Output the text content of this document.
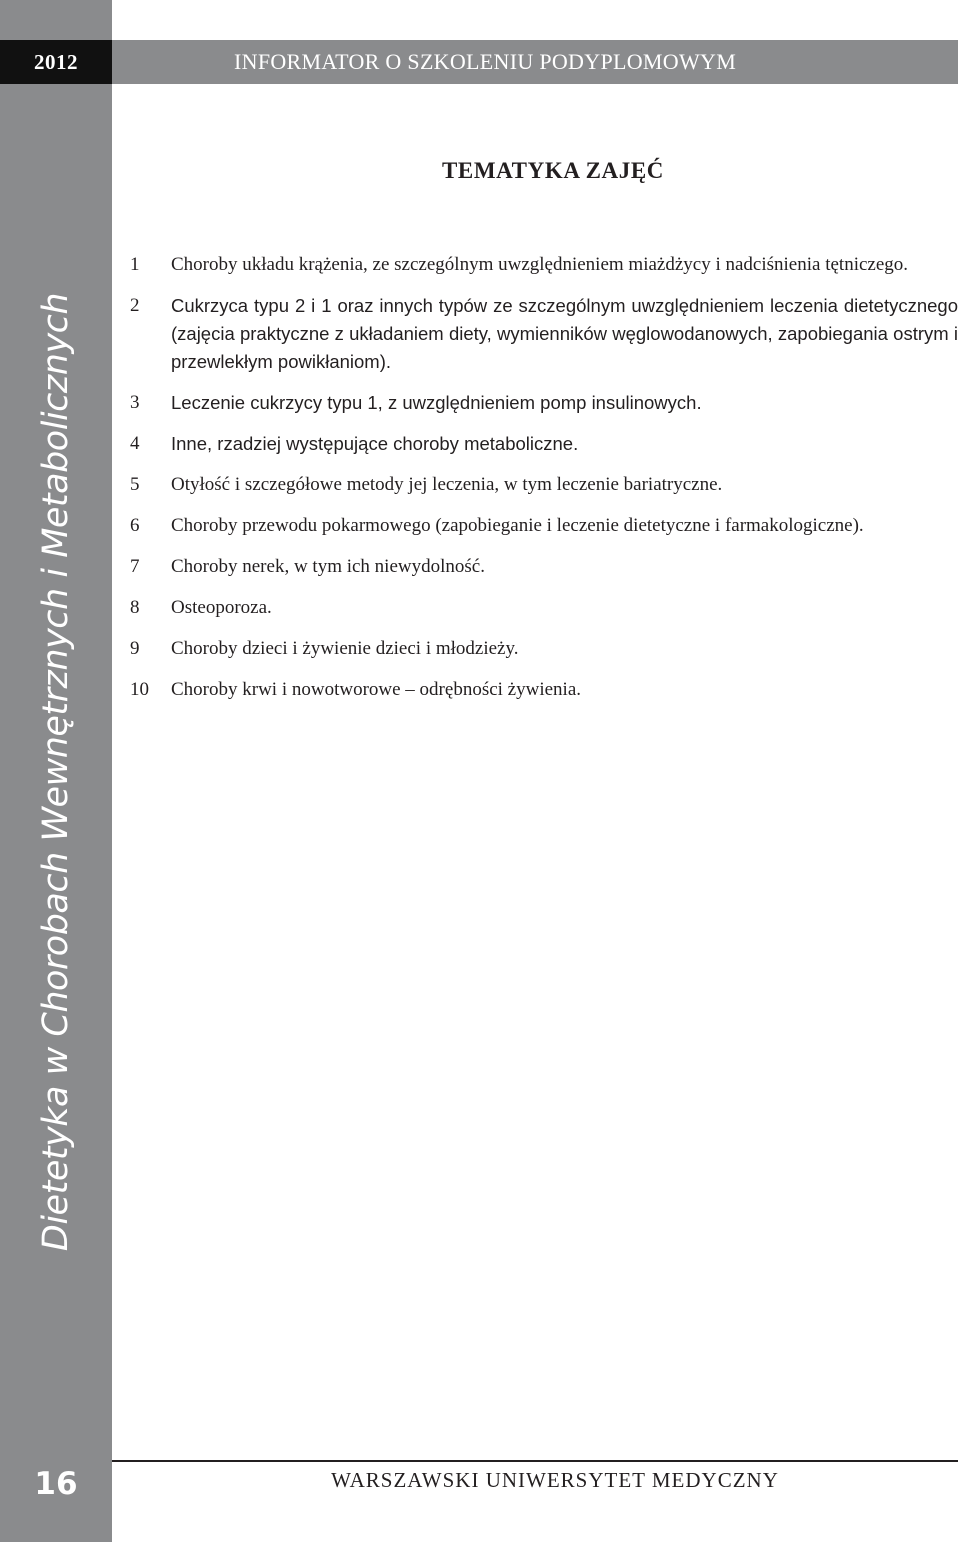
Dietetyka w Chorobach Wewnętrznych i Metabolicznych
16
2012	INFORMATOR O SZKOLENIU PODYPLOMOWYM
TEMATYKA ZAJĘĆ
1	Choroby układu krążenia, ze szczególnym uwzględnieniem miażdżycy i nadciśnienia tętniczego.
2	Cukrzyca typu 2 i 1 oraz innych typów ze szczególnym uwzględnieniem leczenia dietetycznego (zajęcia praktyczne z układaniem diety, wymienników węglowodanowych, zapobiegania ostrym i przewlekłym powikłaniom).
3	Leczenie cukrzycy typu 1, z uwzględnieniem pomp insulinowych.
4	Inne, rzadziej występujące choroby metaboliczne.
5	Otyłość i szczegółowe metody jej leczenia, w tym leczenie bariatryczne.
6	Choroby przewodu pokarmowego (zapobieganie i leczenie dietetyczne i farmakologiczne).
7	Choroby nerek, w tym ich niewydolność.
8	Osteoporoza.
9	Choroby dzieci i żywienie dzieci i młodzieży.
10	Choroby krwi i nowotworowe – odrębności żywienia.
WARSZAWSKI UNIWERSYTET MEDYCZNY
